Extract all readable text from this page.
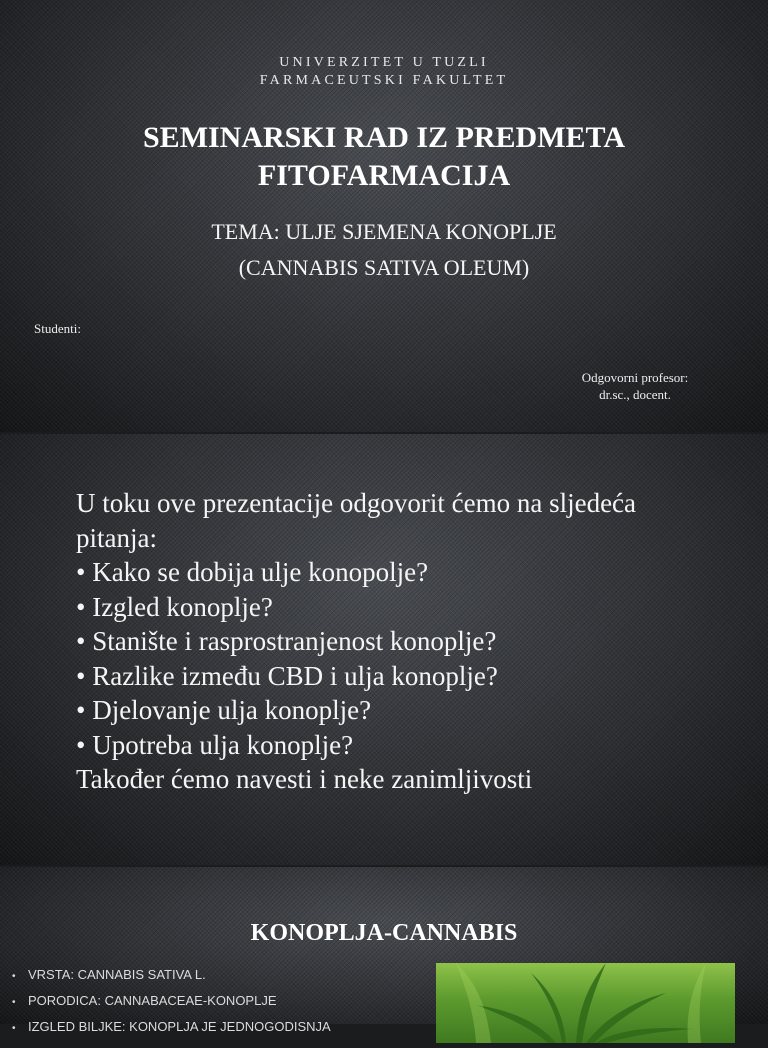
UNIVERZITET U TUZLI
FARMACEUTSKI FAKULTET
SEMINARSKI RAD IZ PREDMETA
FITOFARMACIJA
TEMA: ULJE SJEMENA KONOPLJE
(CANNABIS SATIVA OLEUM)
Studenti:
Odgovorni profesor:
dr.sc., docent.
U toku ove prezentacije odgovorit ćemo na sljedeća
pitanja:
• Kako se dobija ulje konopolje?
• Izgled konoplje?
• Stanište i rasprostranjenost konoplje?
• Razlike između CBD i ulja konoplje?
• Djelovanje ulja konoplje?
• Upotreba ulja konoplje?
Također ćemo navesti i neke zanimljivosti
KONOPLJA-CANNABIS
• VRSTA: CANNABIS SATIVA L.
• PORODICA: CANNABACEAE-KONOPLJE
• IZGLED BILJKE: KONOPLJA JE JEDNOGODISNJA
